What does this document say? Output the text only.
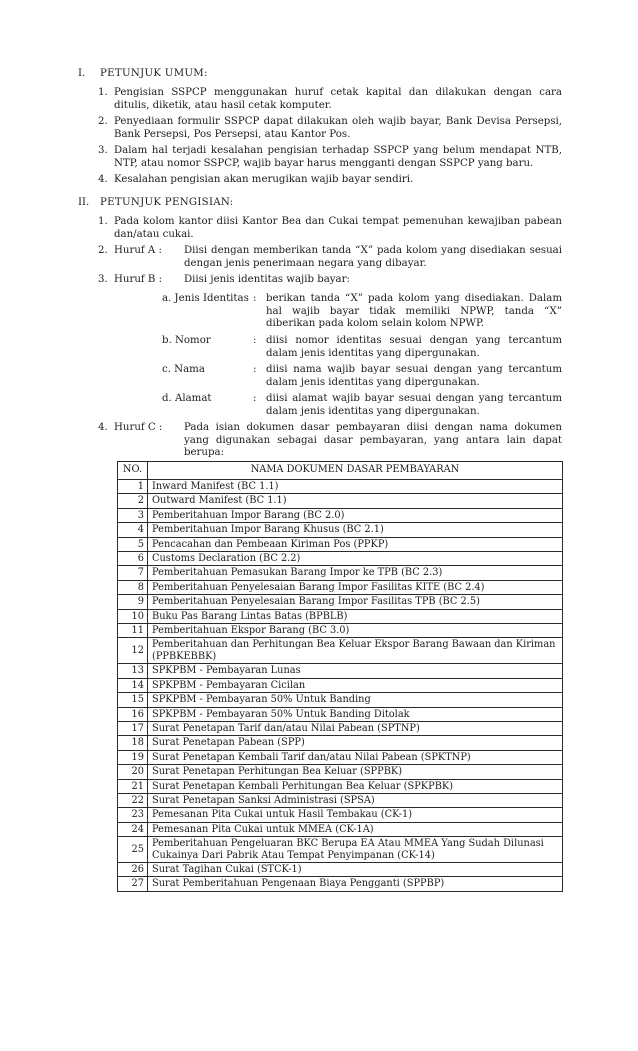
I.	PETUNJUK UMUM:
1. Pengisian SSPCP menggunakan huruf cetak kapital dan dilakukan dengan cara ditulis, diketik, atau hasil cetak komputer.
2. Penyediaan formulir SSPCP dapat dilakukan oleh wajib bayar, Bank Devisa Persepsi, Bank Persepsi, Pos Persepsi, atau Kantor Pos.
3. Dalam hal terjadi kesalahan pengisian terhadap SSPCP yang belum mendapat NTB, NTP, atau nomor SSPCP, wajib bayar harus mengganti dengan SSPCP yang baru.
4. Kesalahan pengisian akan merugikan wajib bayar sendiri.
II.	PETUNJUK PENGISIAN:
1. Pada kolom kantor diisi Kantor Bea dan Cukai tempat pemenuhan kewajiban pabean dan/atau cukai.
2. Huruf A : Diisi dengan memberikan tanda “X” pada kolom yang disediakan sesuai dengan jenis penerimaan negara yang dibayar.
3. Huruf B : Diisi jenis identitas wajib bayar:
a. Jenis Identitas : berikan tanda “X” pada kolom yang disediakan. Dalam hal wajib bayar tidak memiliki NPWP, tanda “X” diberikan pada kolom selain kolom NPWP.
b. Nomor	: diisi nomor identitas sesuai dengan yang tercantum dalam jenis identitas yang dipergunakan.
c. Nama	: diisi nama wajib bayar sesuai dengan yang tercantum dalam jenis identitas yang dipergunakan.
d. Alamat	: diisi alamat wajib bayar sesuai dengan yang tercantum dalam jenis identitas yang dipergunakan.
4. Huruf C : Pada isian dokumen dasar pembayaran diisi dengan nama dokumen yang digunakan sebagai dasar pembayaran, yang antara lain dapat berupa:
NO.	NAMA DOKUMEN DASAR PEMBAYARAN
1	Inward Manifest (BC 1.1)
2	Outward Manifest (BC 1.1)
3	Pemberitahuan Impor Barang (BC 2.0)
4	Pemberitahuan Impor Barang Khusus (BC 2.1)
5	Pencacahan dan Pembeaan Kiriman Pos (PPKP)
6	Customs Declaration (BC 2.2)
7	Pemberitahuan Pemasukan Barang Impor ke TPB (BC 2.3)
8	Pemberitahuan Penyelesaian Barang Impor Fasilitas KITE (BC 2.4)
9	Pemberitahuan Penyelesaian Barang Impor Fasilitas TPB (BC 2.5)
10	Buku Pas Barang Lintas Batas (BPBLB)
11	Pemberitahuan Ekspor Barang (BC 3.0)
12	Pemberitahuan dan Perhitungan Bea Keluar Ekspor Barang Bawaan dan Kiriman (PPBKEBBK)
13	SPKPBM - Pembayaran Lunas
14	SPKPBM - Pembayaran Cicilan
15	SPKPBM - Pembayaran 50% Untuk Banding
16	SPKPBM - Pembayaran 50% Untuk Banding Ditolak
17	Surat Penetapan Tarif dan/atau Nilai Pabean (SPTNP)
18	Surat Penetapan Pabean (SPP)
19	Surat Penetapan Kembali Tarif dan/atau Nilai Pabean (SPKTNP)
20	Surat Penetapan Perhitungan Bea Keluar (SPPBK)
21	Surat Penetapan Kembali Perhitungan Bea Keluar (SPKPBK)
22	Surat Penetapan Sanksi Administrasi (SPSA)
23	Pemesanan Pita Cukai untuk Hasil Tembakau (CK-1)
24	Pemesanan Pita Cukai untuk MMEA (CK-1A)
25	Pemberitahuan Pengeluaran BKC Berupa EA Atau MMEA Yang Sudah Dilunasi Cukainya Dari Pabrik Atau Tempat Penyimpanan (CK-14)
26	Surat Tagihan Cukai (STCK-1)
27	Surat Pemberitahuan Pengenaan Biaya Pengganti (SPPBP)
